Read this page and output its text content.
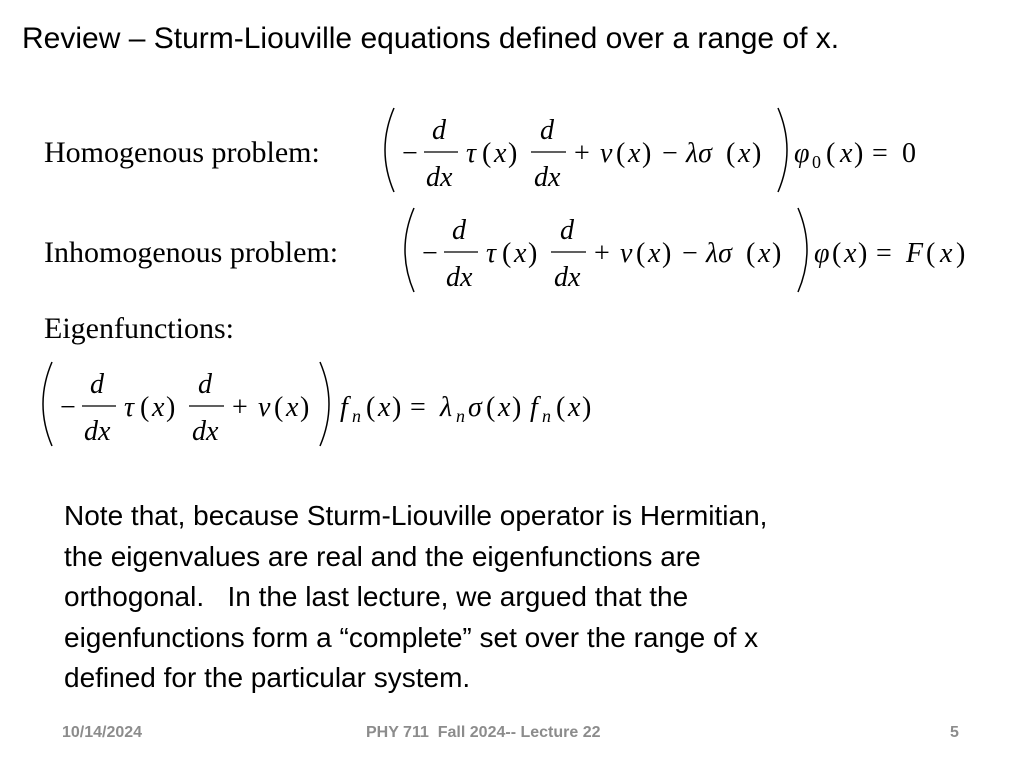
Review – Sturm-Liouville equations defined over a range of x.
Homogenous problem:	−
d
dx
τ ( x )
d
dx
+ v ( x ) − λσ ( x ) φ 0 ( x ) = 0
Inhomogenous problem:	−
d
dx
τ ( x )
d
dx
+ v ( x ) − λσ ( x ) φ ( x ) = F ( x )
Eigenfunctions:
−
d
dx
τ ( x )
d
dx
+ v ( x ) f n ( x ) = λ n σ ( x ) f n ( x )

Note that, because Sturm-Liouville operator is Hermitian,

the eigenvalues are real and the eigenfunctions are

orthogonal.   In the last lecture, we argued that the

eigenfunctions form a “complete” set over the range of x

defined for the particular system.

10/14/2024	PHY 711  Fall 2024-- Lecture 22	5
